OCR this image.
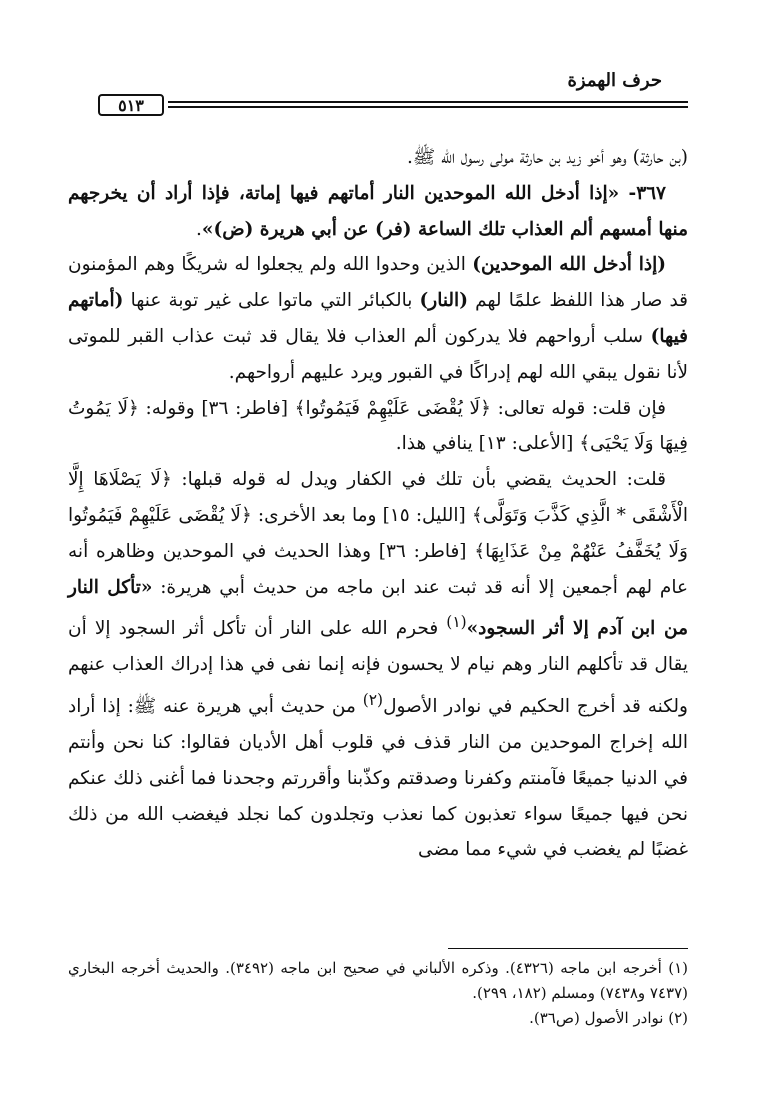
حرف الهمزة
٥١٣

(بن حارثة) وهو أخو زيد بن حارثة مولى رسول الله ﷺ.

٣٦٧- «إذا أدخل الله الموحدين النار أماتهم فيها إماتة، فإذا أراد أن يخرجهم منها أمسهم ألم العذاب تلك الساعة (فر) عن أبي هريرة (ض)».

(إذا أدخل الله الموحدين) الذين وحدوا الله ولم يجعلوا له شريكًا وهم المؤمنون قد صار هذا اللفظ علمًا لهم (النار) بالكبائر التي ماتوا على غير توبة عنها (أماتهم فيها) سلب أرواحهم فلا يدركون ألم العذاب فلا يقال قد ثبت عذاب القبر للموتى لأنا نقول يبقي الله لهم إدراكًا في القبور ويرد عليهم أرواحهم.

فإن قلت: قوله تعالى: ﴿لَا يُقْضَى عَلَيْهِمْ فَيَمُوتُوا﴾ [فاطر: ٣٦] وقوله: ﴿لَا يَمُوتُ فِيهَا وَلَا يَحْيَى﴾ [الأعلى: ١٣] ينافي هذا.

قلت: الحديث يقضي بأن تلك في الكفار ويدل له قوله قبلها: ﴿لَا يَصْلَاهَا إِلَّا الْأَشْقَى * الَّذِي كَذَّبَ وَتَوَلَّى﴾ [الليل: ١٥] وما بعد الأخرى: ﴿لَا يُقْضَى عَلَيْهِمْ فَيَمُوتُوا وَلَا يُخَفَّفُ عَنْهُمْ مِنْ عَذَابِهَا﴾ [فاطر: ٣٦] وهذا الحديث في الموحدين وظاهره أنه عام لهم أجمعين إلا أنه قد ثبت عند ابن ماجه من حديث أبي هريرة: «تأكل النار من ابن آدم إلا أثر السجود»$^{(١)}$ فحرم الله على النار أن تأكل أثر السجود إلا أن يقال قد تأكلهم النار وهم نيام لا يحسون فإنه إنما نفى في هذا إدراك العذاب عنهم ولكنه قد أخرج الحكيم في نوادر الأصول$^{(٢)}$ من حديث أبي هريرة عنه ﷺ: إذا أراد الله إخراج الموحدين من النار قذف في قلوب أهل الأديان فقالوا: كنا نحن وأنتم في الدنيا جميعًا فآمنتم وكفرنا وصدقتم وكذّبنا وأقررتم وجحدنا فما أغنى ذلك عنكم نحن فيها جميعًا سواء تعذبون كما نعذب وتجلدون كما نجلد فيغضب الله من ذلك غضبًا لم يغضب في شيء مما مضى

(١) أخرجه ابن ماجه (٤٣٢٦). وذكره الألباني في صحيح ابن ماجه (٣٤٩٢). والحديث أخرجه البخاري (٧٤٣٧ و٧٤٣٨) ومسلم (١٨٢، ٢٩٩).

(٢) نوادر الأصول (ص٣٦).
